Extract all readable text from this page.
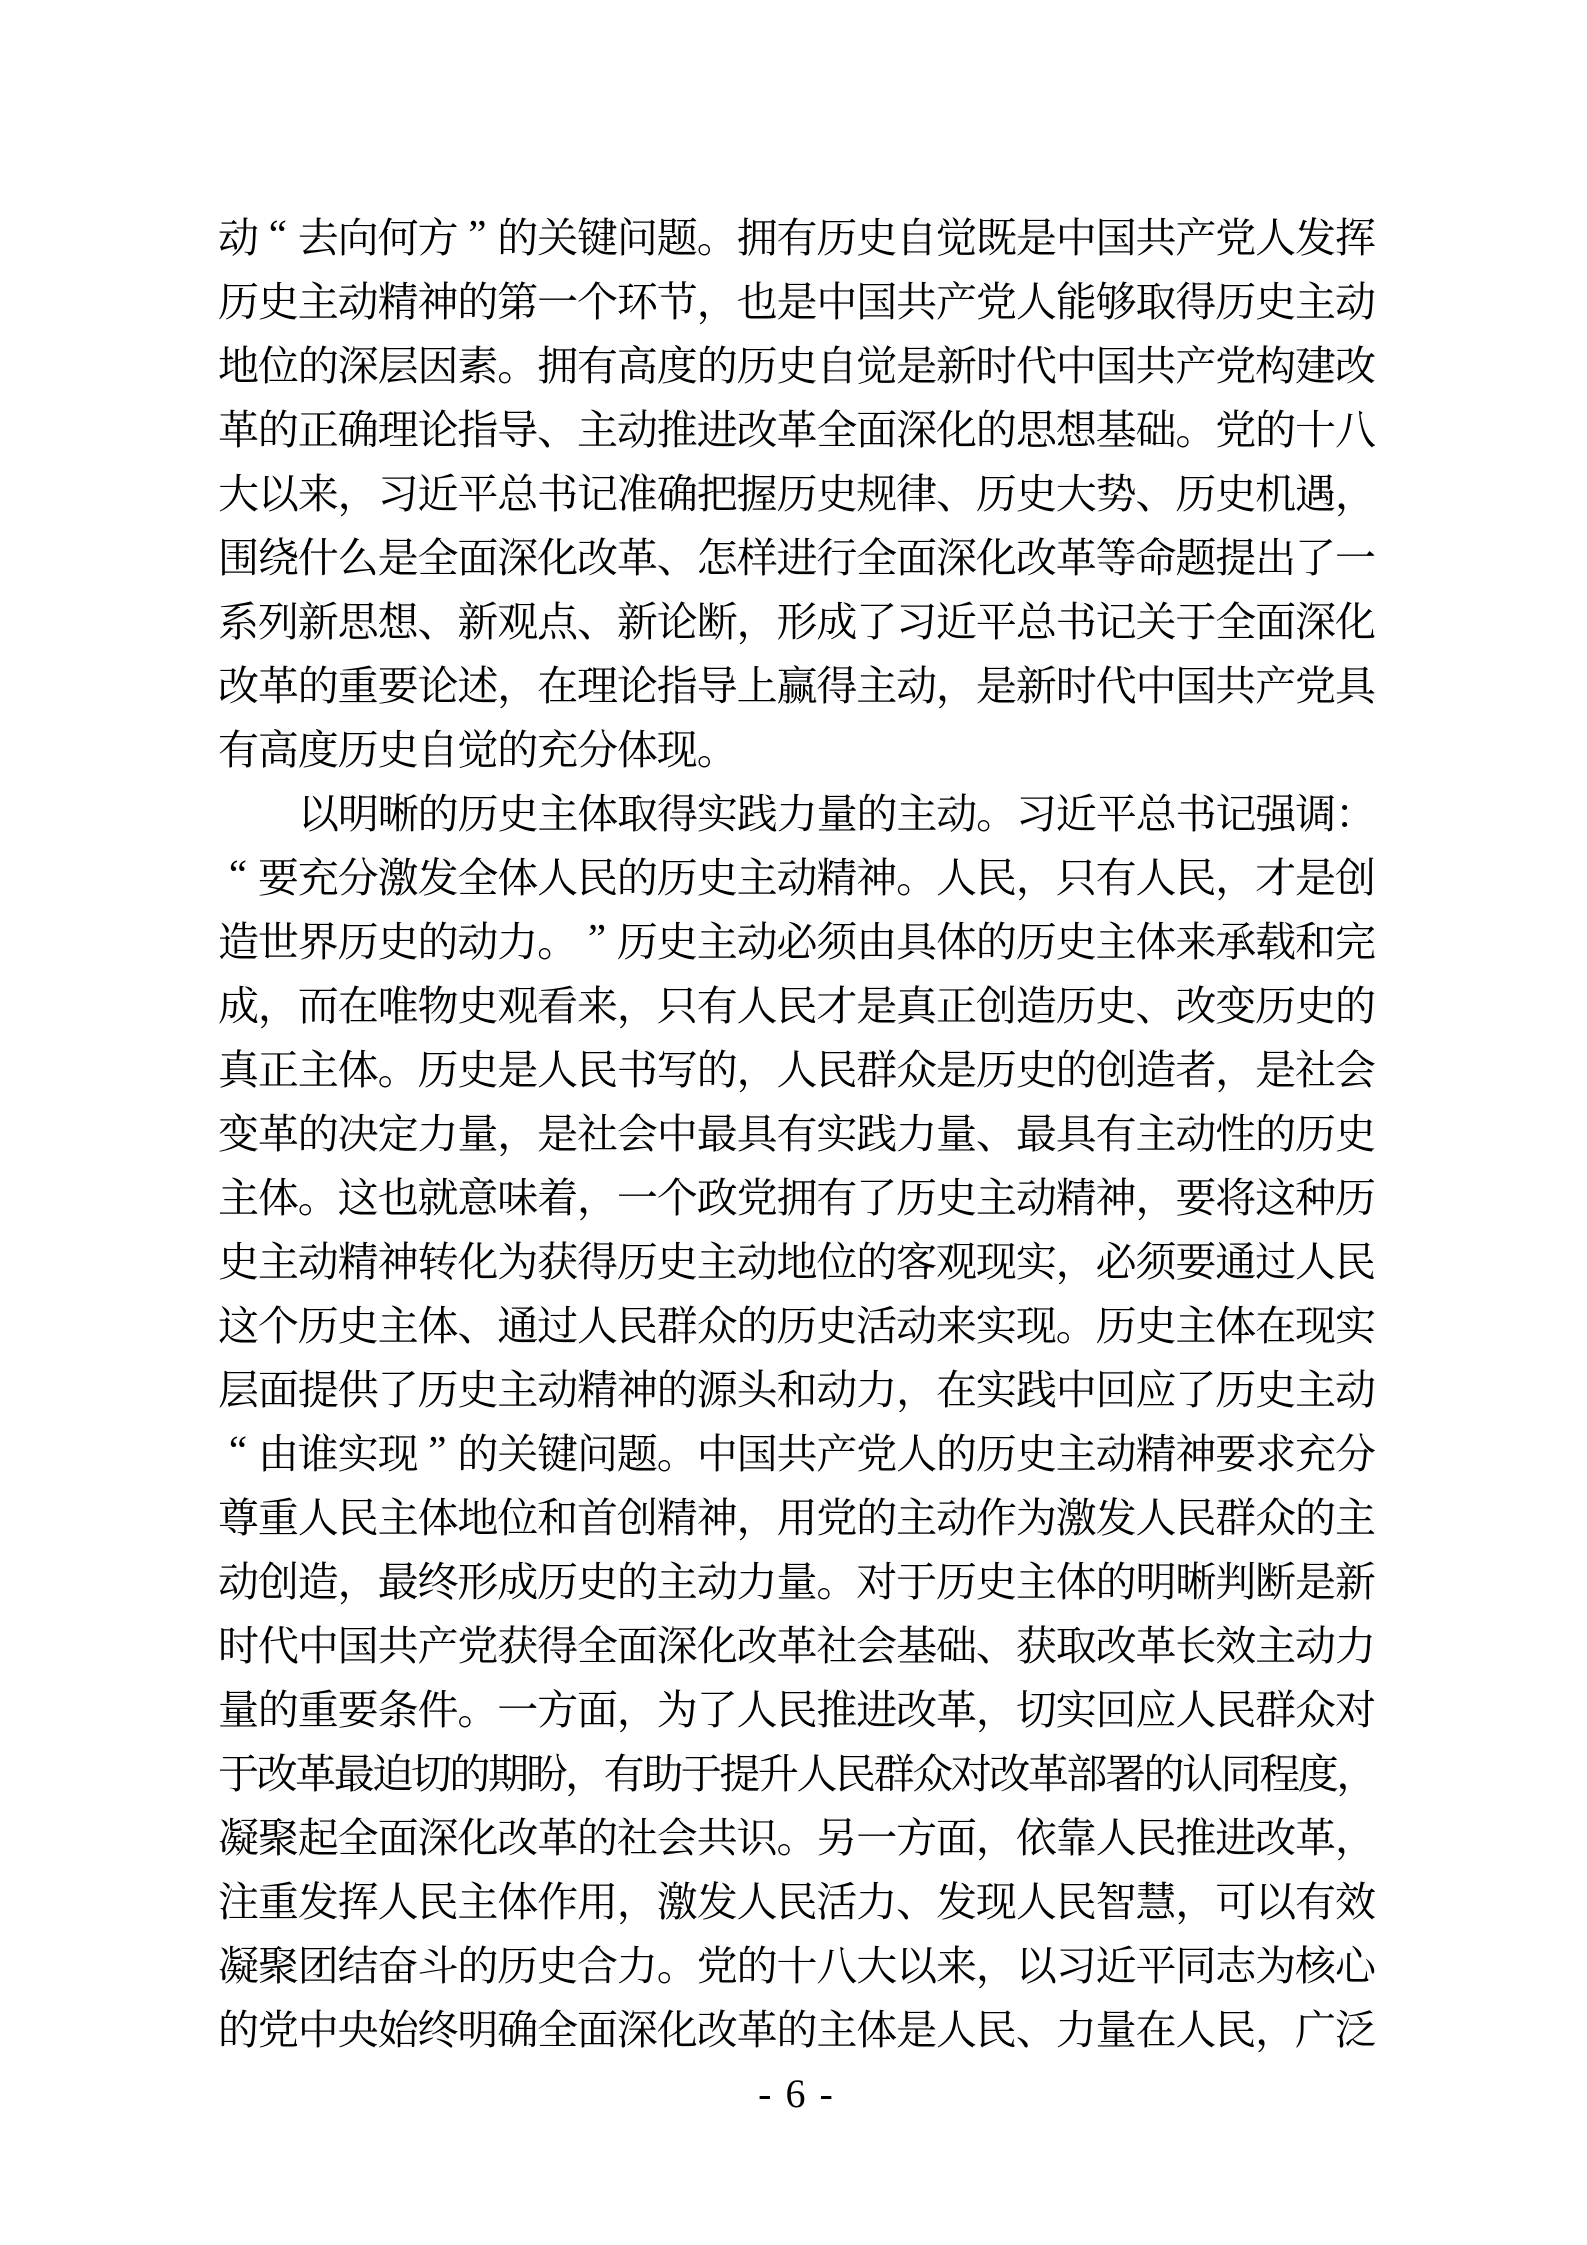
动 “ 去
向
何
方 ” 的
关
键
问
题
。
拥
有
历
史
自
觉
既
是
中
国
共
产
党
人
发
挥
历
史
主
动
精
神
的
第
一
个
环
节
，
也
是
中
国
共
产
党
人
能
够
取
得
历
史
主
动
地
位
的
深
层
因
素
。
拥
有
高
度
的
历
史
自
觉
是
新
时
代
中
国
共
产
党
构
建
改
革
的
正
确
理
论
指
导
、
主
动
推
进
改
革
全
面
深
化
的
思
想
基
础
。
党
的
十
八
大
以
来
，
习
近
平
总
书
记
准
确
把
握
历
史
规
律
、
历
史
大
势
、
历
史
机
遇
，
围
绕
什
么
是
全
面
深
化
改
革
、
怎
样
进
行
全
面
深
化
改
革
等
命
题
提
出
了
一
系
列
新
思
想
、
新
观
点
、
新
论
断
，
形
成
了
习
近
平
总
书
记
关
于
全
面
深
化
改
革
的
重
要
论
述
，
在
理
论
指
导
上
赢
得
主
动
，
是
新
时
代
中
国
共
产
党
具
有
高
度
历
史
自
觉
的
充
分
体
现
。
以
明
晰
的
历
史
主
体
取
得
实
践
力
量
的
主
动
。
习
近
平
总
书
记
强
调
：
“ 要
充
分
激
发
全
体
人
民
的
历
史
主
动
精
神
。
人
民
，
只
有
人
民
，
才
是
创
造
世
界
历
史
的
动
力
。 ” 历
史
主
动
必
须
由
具
体
的
历
史
主
体
来
承
载
和
完
成
，
而
在
唯
物
史
观
看
来
，
只
有
人
民
才
是
真
正
创
造
历
史
、
改
变
历
史
的
真
正
主
体
。
历
史
是
人
民
书
写
的
，
人
民
群
众
是
历
史
的
创
造
者
，
是
社
会
变
革
的
决
定
力
量
，
是
社
会
中
最
具
有
实
践
力
量
、
最
具
有
主
动
性
的
历
史
主
体
。
这
也
就
意
味
着
，
一
个
政
党
拥
有
了
历
史
主
动
精
神
，
要
将
这
种
历
史
主
动
精
神
转
化
为
获
得
历
史
主
动
地
位
的
客
观
现
实
，
必
须
要
通
过
人
民
这
个
历
史
主
体
、
通
过
人
民
群
众
的
历
史
活
动
来
实
现
。
历
史
主
体
在
现
实
层
面
提
供
了
历
史
主
动
精
神
的
源
头
和
动
力
，
在
实
践
中
回
应
了
历
史
主
动
“ 由
谁
实
现 ” 的
关
键
问
题
。
中
国
共
产
党
人
的
历
史
主
动
精
神
要
求
充
分
尊
重
人
民
主
体
地
位
和
首
创
精
神
，
用
党
的
主
动
作
为
激
发
人
民
群
众
的
主
动
创
造
，
最
终
形
成
历
史
的
主
动
力
量
。
对
于
历
史
主
体
的
明
晰
判
断
是
新
时
代
中
国
共
产
党
获
得
全
面
深
化
改
革
社
会
基
础
、
获
取
改
革
长
效
主
动
力
量
的
重
要
条
件
。
一
方
面
，
为
了
人
民
推
进
改
革
，
切
实
回
应
人
民
群
众
对
于
改
革
最
迫
切
的
期
盼
，
有
助
于
提
升
人
民
群
众
对
改
革
部
署
的
认
同
程
度
，
凝
聚
起
全
面
深
化
改
革
的
社
会
共
识
。
另
一
方
面
，
依
靠
人
民
推
进
改
革
，
注
重
发
挥
人
民
主
体
作
用
，
激
发
人
民
活
力
、
发
现
人
民
智
慧
，
可
以
有
效
凝
聚
团
结
奋
斗
的
历
史
合
力
。
党
的
十
八
大
以
来
，
以
习
近
平
同
志
为
核
心
的
党
中
央
始
终
明
确
全
面
深
化
改
革
的
主
体
是
人
民
、
力
量
在
人
民
，
广
泛
- 6 -
